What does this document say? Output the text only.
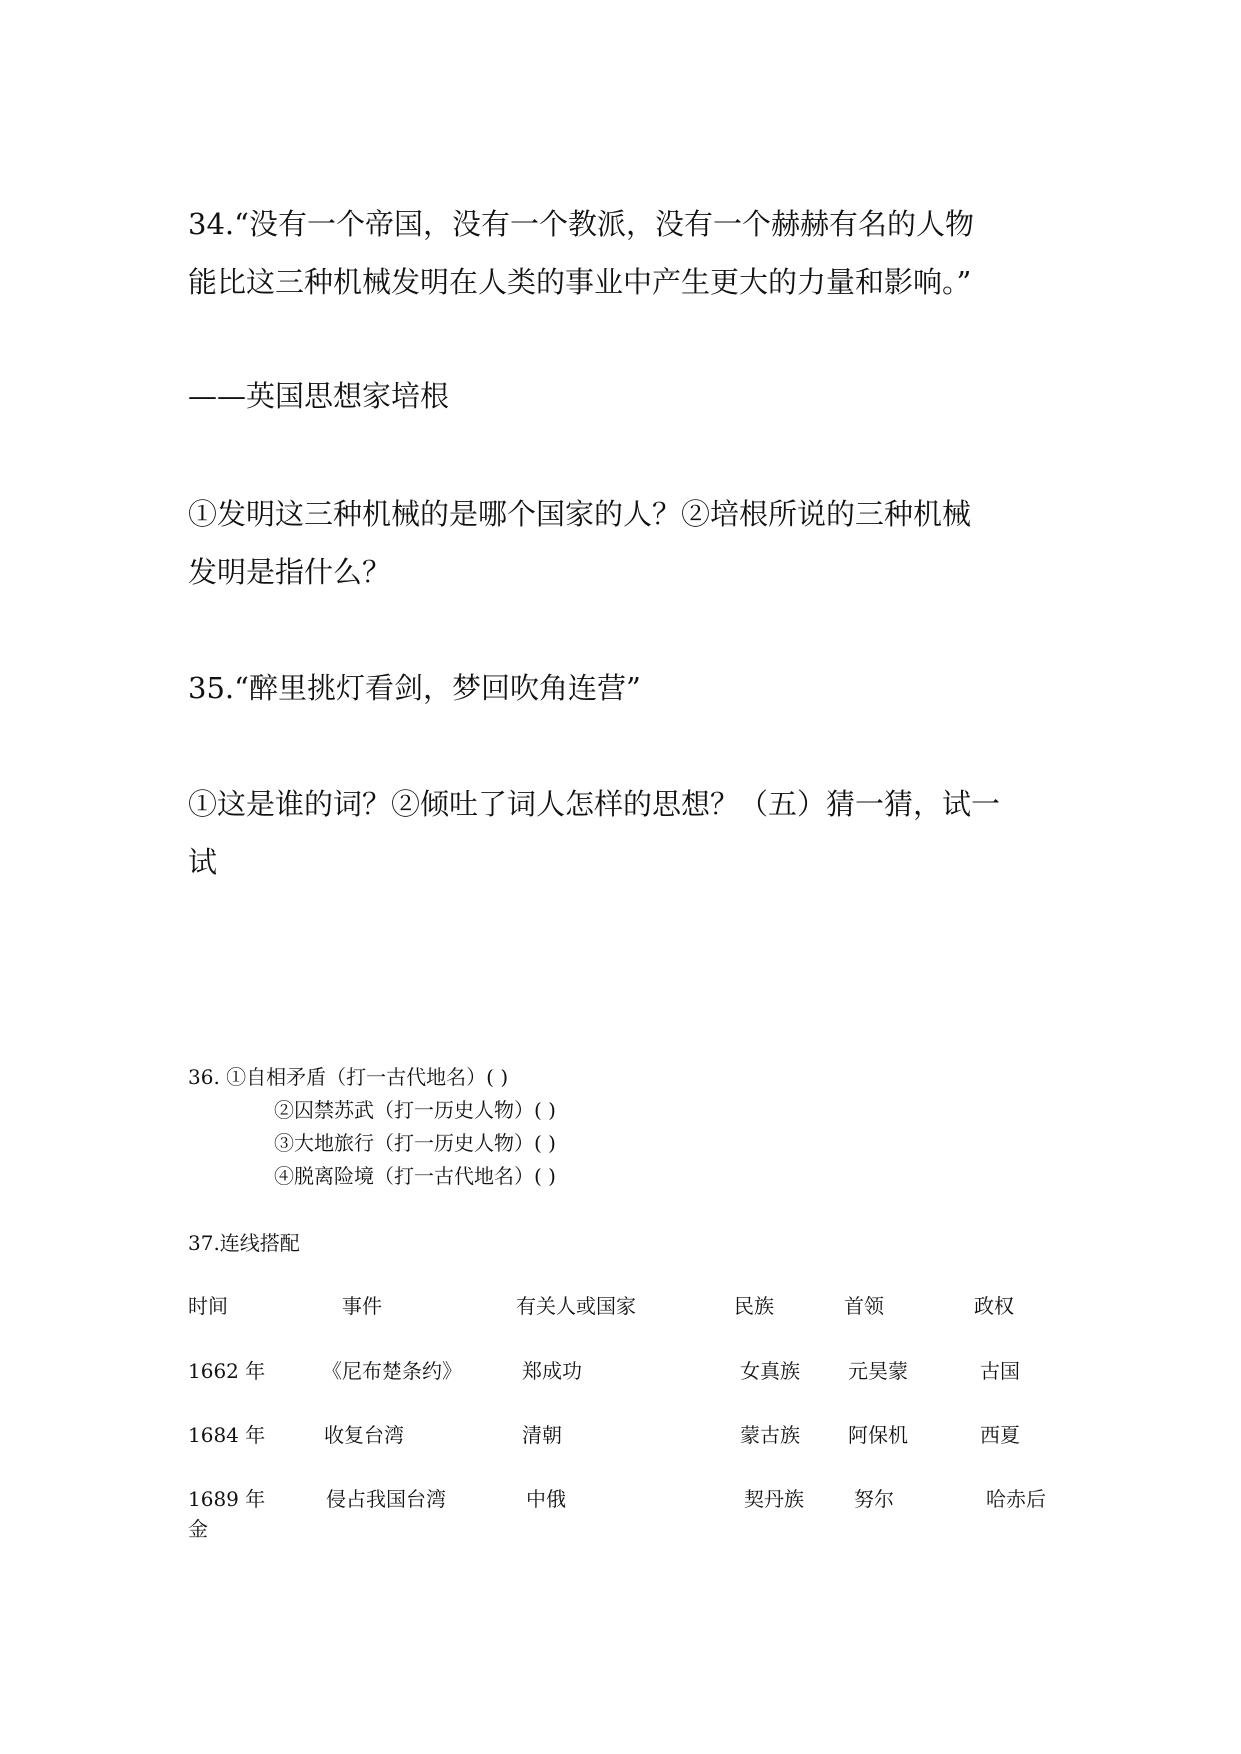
34.“没有一个帝国，没有一个教派，没有一个赫赫有名的人物
能比这三种机械发明在人类的事业中产生更大的力量和影响。”
——英国思想家培根
①发明这三种机械的是哪个国家的人？②培根所说的三种机械
发明是指什么？
35.“醉里挑灯看剑，梦回吹角连营”
①这是谁的词？②倾吐了词人怎样的思想？（五）猜一猜，试一
试
36. ①自相矛盾（打一古代地名）( )
②囚禁苏武（打一历史人物）( )
③大地旅行（打一历史人物）( )
④脱离险境（打一古代地名）( )
37.连线搭配
时间	事件	有关人或国家	民族	首领	政权
1662 年	《尼布楚条约》	郑成功	女真族 元昊蒙	古国
1684 年	收复台湾	清朝	蒙古族 阿保机	西夏
1689 年	侵占我国台湾	中俄	契丹族	努尔	哈赤后
金
